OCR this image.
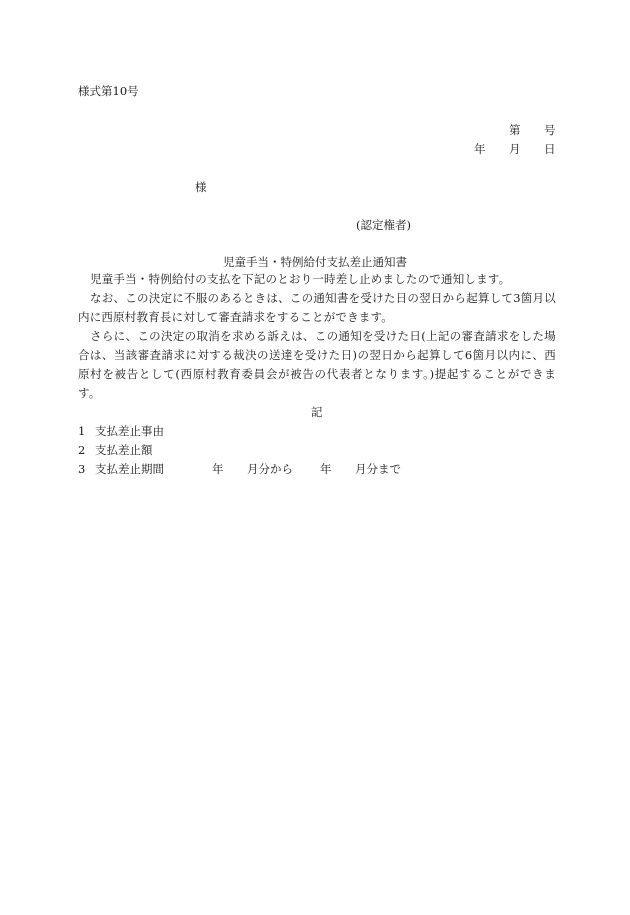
様式第10号
第 号
年 月 日
様
(認定権者)
児童手当・特例給付支払差止通知書
児童手当・特例給付の支払を下記のとおり一時差し止めましたので通知します。
なお、この決定に不服のあるときは、この通知書を受けた日の翌日から起算して3箇月以内に西原村教育長に対して審査請求をすることができます。
さらに、この決定の取消を求める訴えは、この通知を受けた日(上記の審査請求をした場合は、当該審査請求に対する裁決の送達を受けた日)の翌日から起算して6箇月以内に、西原村を被告として(西原村教育委員会が被告の代表者となります。)提起することができます。
記
1 支払差止事由
2 支払差止額
3 支払差止期間	年 月分から 年 月分まで
